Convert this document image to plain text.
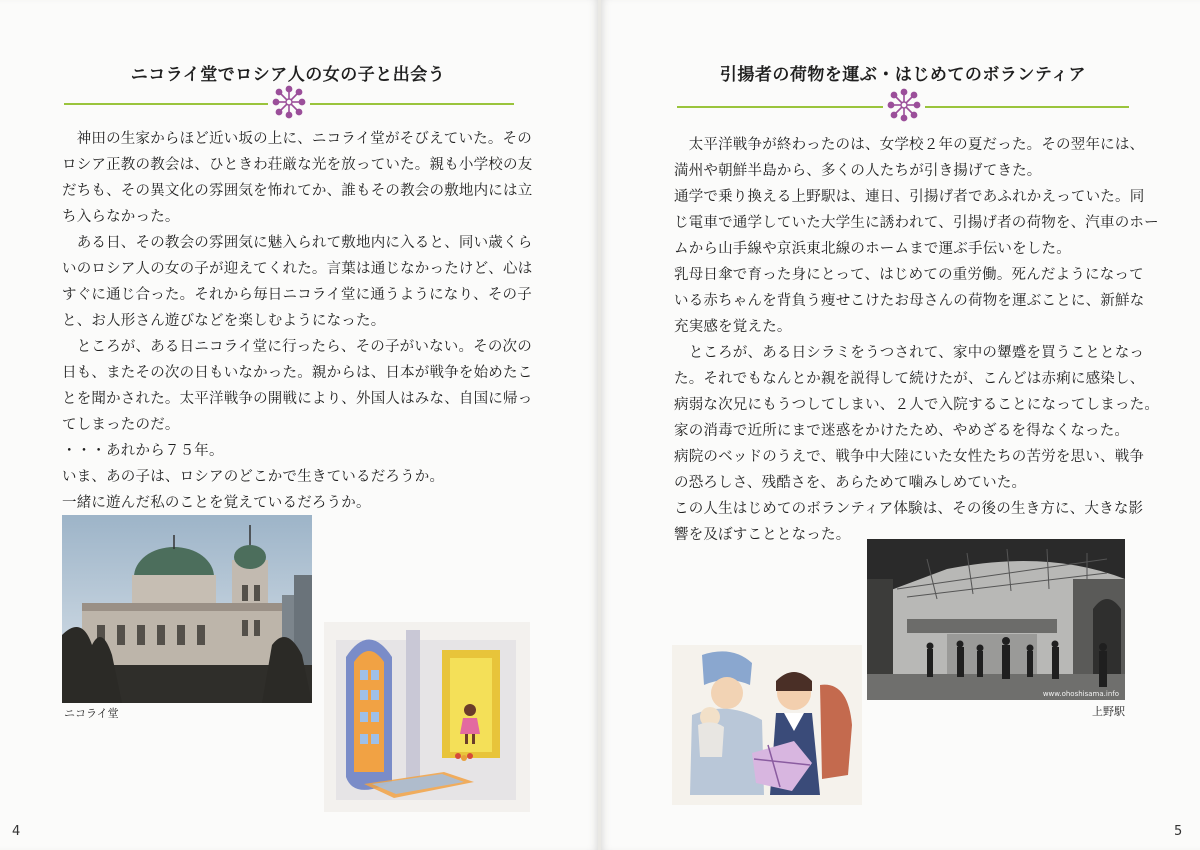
ニコライ堂でロシア人の女の子と出会う

　神田の生家からほど近い坂の上に、ニコライ堂がそびえていた。その

ロシア正教の教会は、ひときわ荘厳な光を放っていた。親も小学校の友

だちも、その異文化の雰囲気を怖れてか、誰もその教会の敷地内には立

ち入らなかった。

　ある日、その教会の雰囲気に魅入られて敷地内に入ると、同い歳くら

いのロシア人の女の子が迎えてくれた。言葉は通じなかったけど、心は

すぐに通じ合った。それから毎日ニコライ堂に通うようになり、その子

と、お人形さん遊びなどを楽しむようになった。

　ところが、ある日ニコライ堂に行ったら、その子がいない。その次の

日も、またその次の日もいなかった。親からは、日本が戦争を始めたこ

とを聞かされた。太平洋戦争の開戦により、外国人はみな、自国に帰っ

てしまったのだ。

・・・あれから７５年。

いま、あの子は、ロシアのどこかで生きているだろうか。

一緒に遊んだ私のことを覚えているだろうか。

ニコライ堂
4
引揚者の荷物を運ぶ・はじめてのボランティア

　太平洋戦争が終わったのは、女学校２年の夏だった。その翌年には、

満州や朝鮮半島から、多くの人たちが引き揚げてきた。

通学で乗り換える上野駅は、連日、引揚げ者であふれかえっていた。同

じ電車で通学していた大学生に誘われて、引揚げ者の荷物を、汽車のホー

ムから山手線や京浜東北線のホームまで運ぶ手伝いをした。

乳母日傘で育った身にとって、はじめての重労働。死んだようになって

いる赤ちゃんを背負う痩せこけたお母さんの荷物を運ぶことに、新鮮な

充実感を覚えた。

　ところが、ある日シラミをうつされて、家中の顰蹙を買うこととなっ

た。それでもなんとか親を説得して続けたが、こんどは赤痢に感染し、

病弱な次兄にもうつしてしまい、２人で入院することになってしまった。

家の消毒で近所にまで迷惑をかけたため、やめざるを得なくなった。

病院のベッドのうえで、戦争中大陸にいた女性たちの苦労を思い、戦争

の恐ろしさ、残酷さを、あらためて噛みしめていた。

この人生はじめてのボランティア体験は、その後の生き方に、大きな影

響を及ぼすこととなった。

www.ohoshisama.info
上野駅
5
